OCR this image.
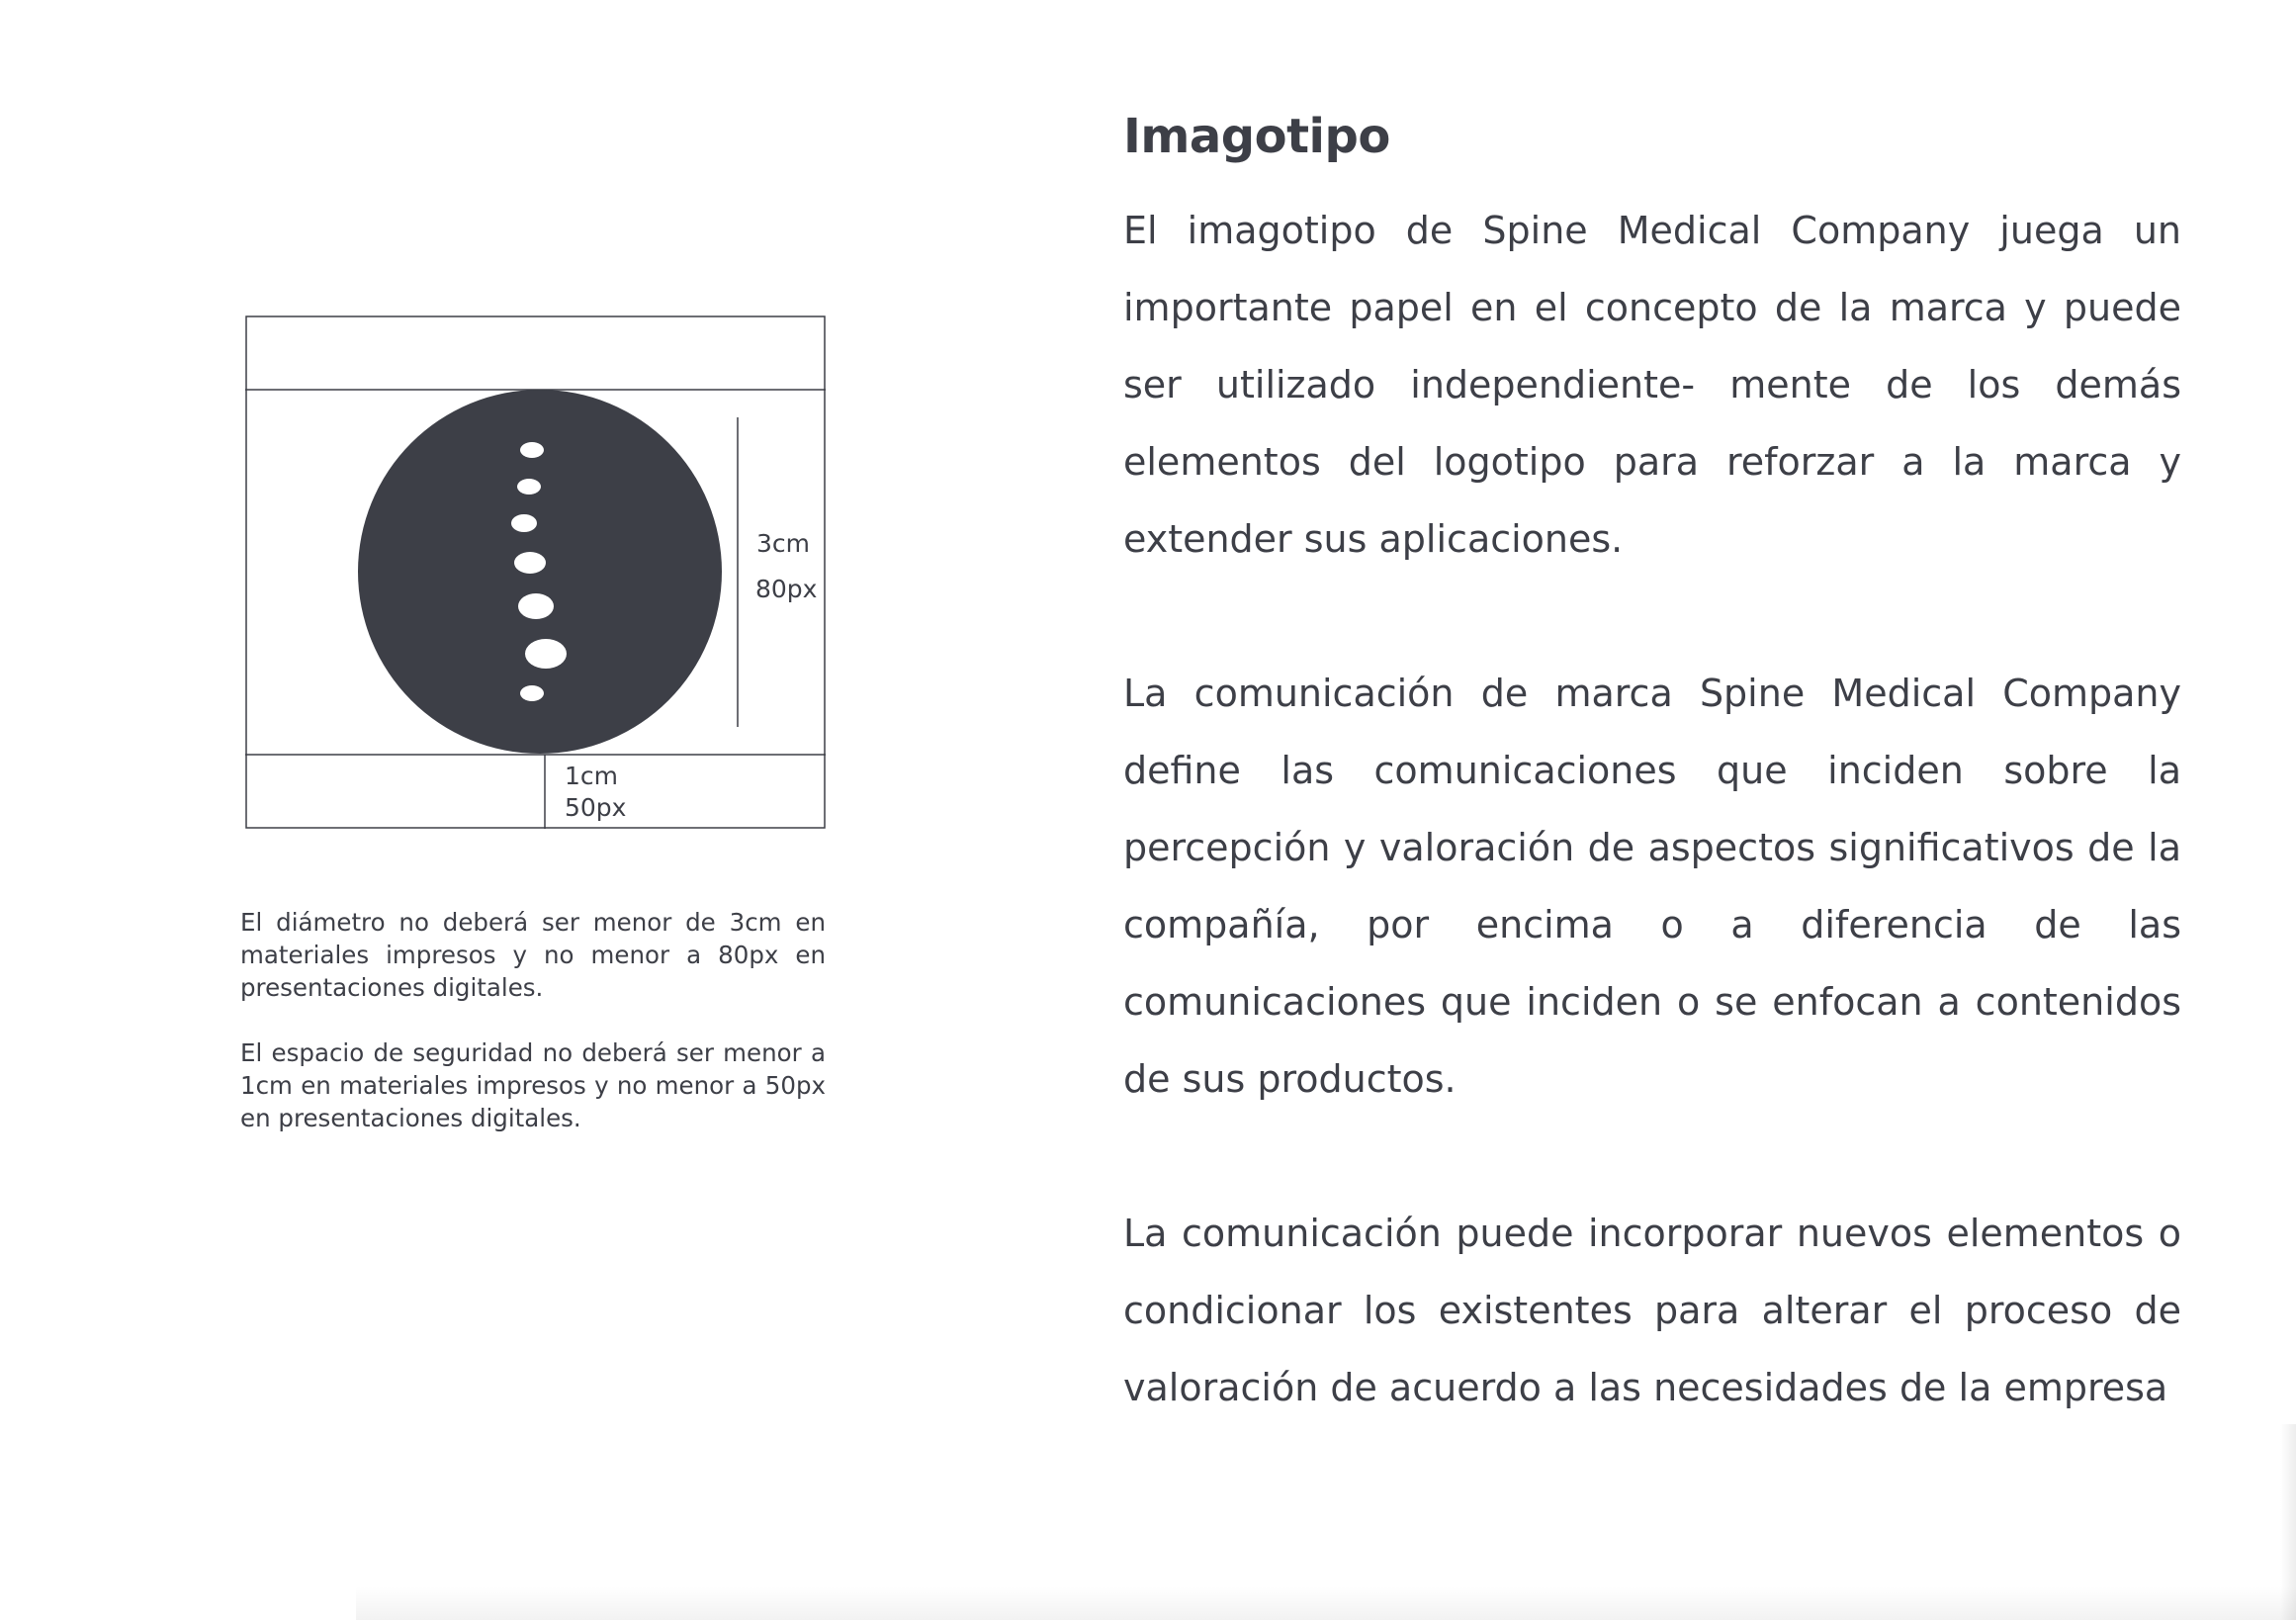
3cm
80px
1cm
50px

El diámetro no deberá ser menor de 3cm en materiales impresos y no menor a 80px en presentaciones digitales.

El espacio de seguridad no deberá ser menor a 1cm en materiales impresos y no menor a 50px en presentaciones digitales.

Imagotipo

El imagotipo de Spine Medical Company juega un importante papel en el concepto de la marca y puede ser utilizado independiente- mente de los demás elementos del logotipo para reforzar a la marca y extender sus aplicaciones.

La comunicación de marca Spine Medical Company define las comunicaciones que inciden sobre la percepción y valoración de aspectos significativos de la compañía, por encima o a diferencia de las comunicaciones que inciden o se enfocan a contenidos de sus productos.

La comunicación puede incorporar nuevos elementos o condicionar los existentes para alterar el proceso de valoración de acuerdo a las necesidades de la empresa
